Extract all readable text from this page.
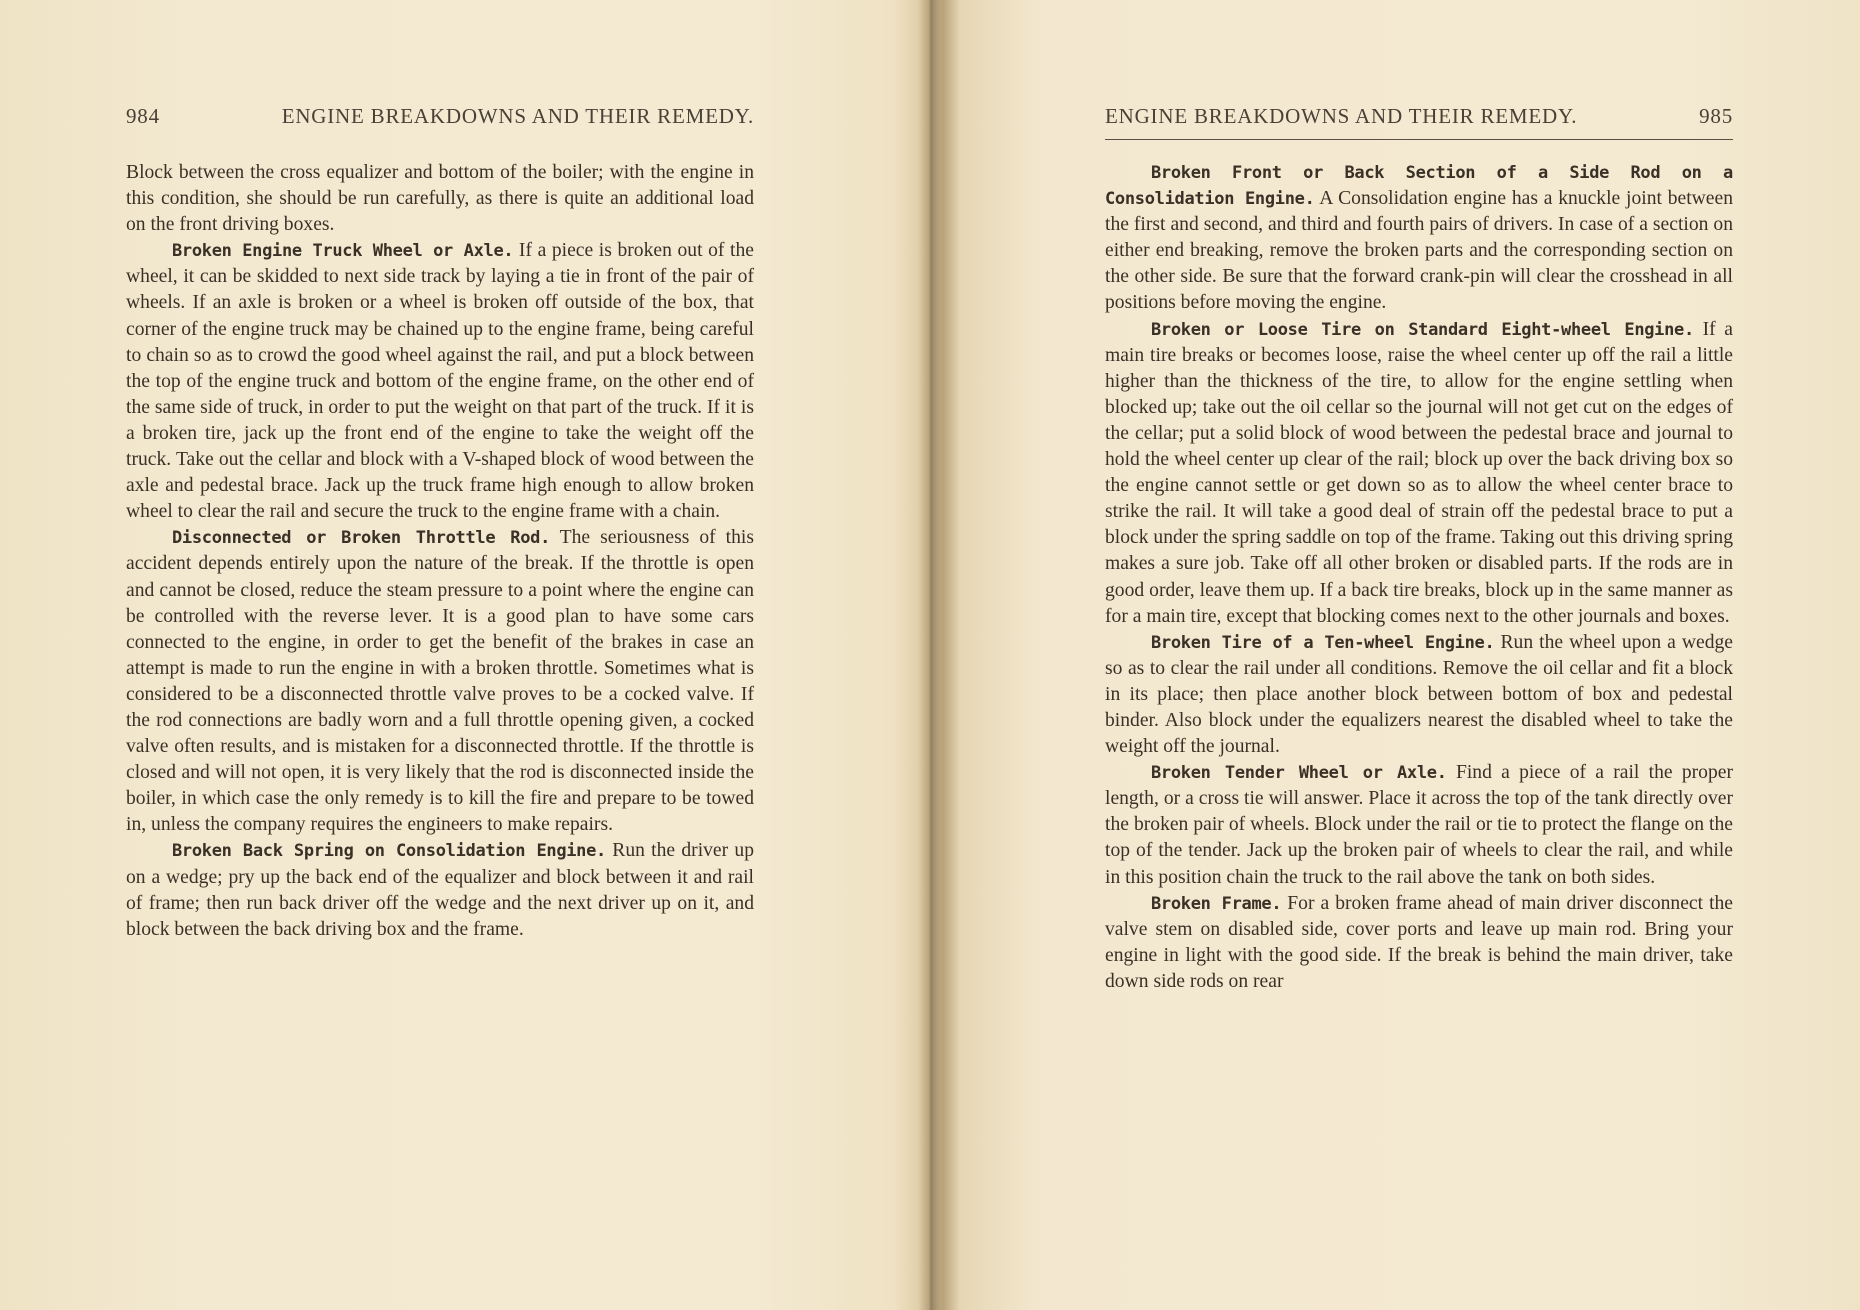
984	ENGINE BREAKDOWNS AND THEIR REMEDY.

Block between the cross equalizer and bottom of the boiler; with the engine in this condition, she should be run carefully, as there is quite an additional load on the front driving boxes.

Broken Engine Truck Wheel or Axle. If a piece is broken out of the wheel, it can be skidded to next side track by laying a tie in front of the pair of wheels. If an axle is broken or a wheel is broken off outside of the box, that corner of the engine truck may be chained up to the engine frame, being careful to chain so as to crowd the good wheel against the rail, and put a block between the top of the engine truck and bottom of the engine frame, on the other end of the same side of truck, in order to put the weight on that part of the truck. If it is a broken tire, jack up the front end of the engine to take the weight off the truck. Take out the cellar and block with a V-shaped block of wood between the axle and pedestal brace. Jack up the truck frame high enough to allow broken wheel to clear the rail and secure the truck to the engine frame with a chain.

Disconnected or Broken Throttle Rod. The seriousness of this accident depends entirely upon the nature of the break. If the throttle is open and cannot be closed, reduce the steam pressure to a point where the engine can be controlled with the reverse lever. It is a good plan to have some cars connected to the engine, in order to get the benefit of the brakes in case an attempt is made to run the engine in with a broken throttle. Sometimes what is considered to be a disconnected throttle valve proves to be a cocked valve. If the rod connections are badly worn and a full throttle opening given, a cocked valve often results, and is mistaken for a disconnected throttle. If the throttle is closed and will not open, it is very likely that the rod is disconnected inside the boiler, in which case the only remedy is to kill the fire and prepare to be towed in, unless the company requires the engineers to make repairs.

Broken Back Spring on Consolidation Engine. Run the driver up on a wedge; pry up the back end of the equalizer and block between it and rail of frame; then run back driver off the wedge and the next driver up on it, and block between the back driving box and the frame.

ENGINE BREAKDOWNS AND THEIR REMEDY.	985

Broken Front or Back Section of a Side Rod on a Consolidation Engine. A Consolidation engine has a knuckle joint between the first and second, and third and fourth pairs of drivers. In case of a section on either end breaking, remove the broken parts and the corresponding section on the other side. Be sure that the forward crank-pin will clear the crosshead in all positions before moving the engine.

Broken or Loose Tire on Standard Eight-wheel Engine. If a main tire breaks or becomes loose, raise the wheel center up off the rail a little higher than the thickness of the tire, to allow for the engine settling when blocked up; take out the oil cellar so the journal will not get cut on the edges of the cellar; put a solid block of wood between the pedestal brace and journal to hold the wheel center up clear of the rail; block up over the back driving box so the engine cannot settle or get down so as to allow the wheel center brace to strike the rail. It will take a good deal of strain off the pedestal brace to put a block under the spring saddle on top of the frame. Taking out this driving spring makes a sure job. Take off all other broken or disabled parts. If the rods are in good order, leave them up. If a back tire breaks, block up in the same manner as for a main tire, except that blocking comes next to the other journals and boxes.

Broken Tire of a Ten-wheel Engine. Run the wheel upon a wedge so as to clear the rail under all conditions. Remove the oil cellar and fit a block in its place; then place another block between bottom of box and pedestal binder. Also block under the equalizers nearest the disabled wheel to take the weight off the journal.

Broken Tender Wheel or Axle. Find a piece of a rail the proper length, or a cross tie will answer. Place it across the top of the tank directly over the broken pair of wheels. Block under the rail or tie to protect the flange on the top of the tender. Jack up the broken pair of wheels to clear the rail, and while in this position chain the truck to the rail above the tank on both sides.

Broken Frame. For a broken frame ahead of main driver disconnect the valve stem on disabled side, cover ports and leave up main rod. Bring your engine in light with the good side. If the break is behind the main driver, take down side rods on rear
